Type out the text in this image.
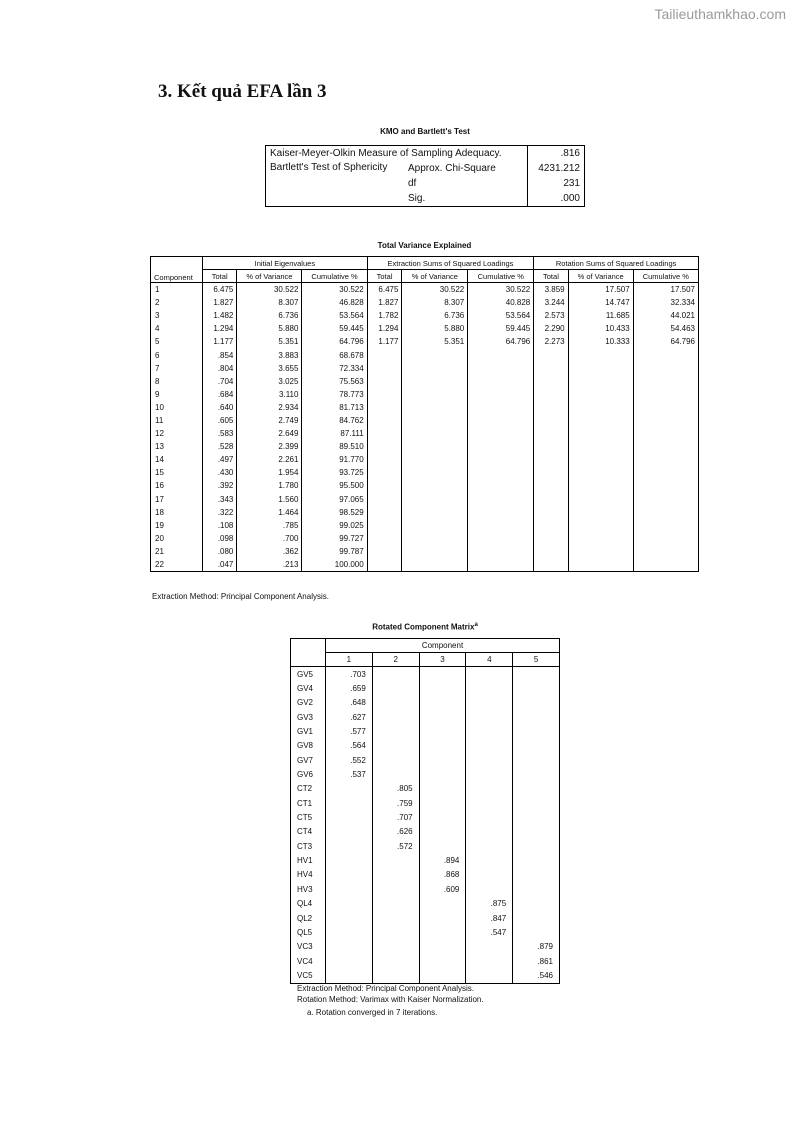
Tailieuthamkhao.com
3. Kết quả EFA lần 3
KMO and Bartlett's Test
Kaiser-Meyer-Olkin Measure of Sampling Adequacy.		.816
Bartlett's Test of Sphericity	Approx. Chi-Square	4231.212
	df	231
	Sig.	.000
Total Variance Explained
Component	Initial Eigenvalues			Extraction Sums of Squared Loadings			Rotation Sums of Squared Loadings		
	Total	% of Variance	Cumulative %	Total	% of Variance	Cumulative %	Total	% of Variance	Cumulative %
1	6.475	30.522	30.522	6.475	30.522	30.522	3.859	17.507	17.507
2	1.827	8.307	46.828	1.827	8.307	40.828	3.244	14.747	32.334
3	1.482	6.736	53.564	1.782	6.736	53.564	2.573	11.685	44.021
4	1.294	5.880	59.445	1.294	5.880	59.445	2.290	10.433	54.463
5	1.177	5.351	64.796	1.177	5.351	64.796	2.273	10.333	64.796
6	.854	3.883	68.678						
7	.804	3.655	72.334						
8	.704	3.025	75.563						
9	.684	3.110	78.773						
10	.640	2.934	81.713						
11	.605	2.749	84.762						
12	.583	2.649	87.111						
13	.528	2.399	89.510						
14	.497	2.261	91.770						
15	.430	1.954	93.725						
16	.392	1.780	95.500						
17	.343	1.560	97.065						
18	.322	1.464	98.529						
19	.108	.785	99.025						
20	.098	.700	99.727						
21	.080	.362	99.787						
22	.047	.213	100.000						
Extraction Method: Principal Component Analysis.
Rotated Component Matrix$^a$
	Component				
	1	2	3	4	5
GV5	.703				
GV4	.659				
GV2	.648				
GV3	.627				
GV1	.577				
GV8	.564				
GV7	.552				
GV6	.537				
CT2		.805			
CT1		.759			
CT5		.707			
CT4		.626			
CT3		.572			
HV1			.894		
HV4			.868		
HV3			.609		
QL4				.875	
QL2				.847	
QL5				.547	
VC3					.879
VC4					.861
VC5					.546
Extraction Method: Principal Component Analysis.
Rotation Method: Varimax with Kaiser Normalization.
a. Rotation converged in 7 iterations.
